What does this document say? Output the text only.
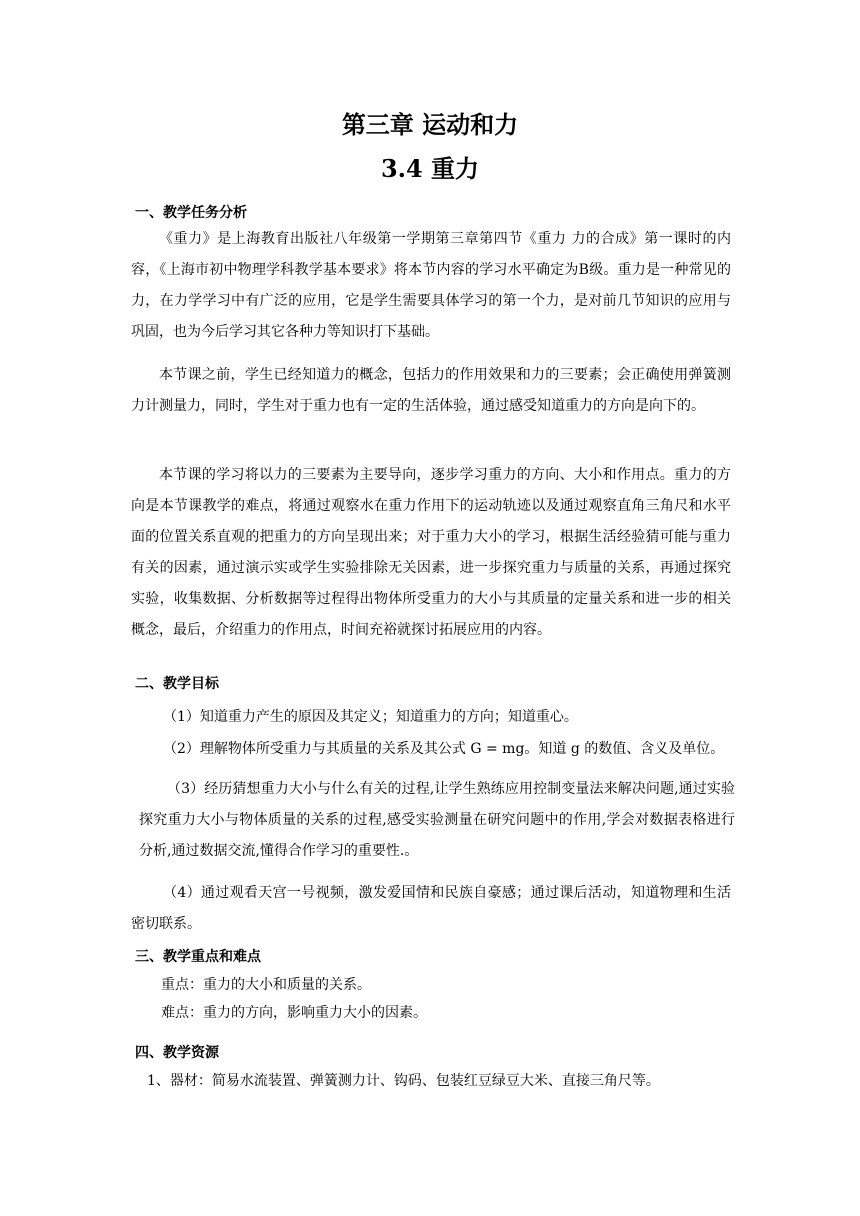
第三章 运动和力
3.4 重力
一、教学任务分析

《重力》是上海教育出版社八年级第一学期第三章第四节《重力 力的合成》第一课时的内容，《上海市初中物理学科教学基本要求》将本节内容的学习水平确定为B级。重力是一种常见的力，在力学学习中有广泛的应用，它是学生需要具体学习的第一个力，是对前几节知识的应用与巩固，也为今后学习其它各种力等知识打下基础。

本节课之前，学生已经知道力的概念，包括力的作用效果和力的三要素；会正确使用弹簧测力计测量力，同时，学生对于重力也有一定的生活体验，通过感受知道重力的方向是向下的。

本节课的学习将以力的三要素为主要导向，逐步学习重力的方向、大小和作用点。重力的方向是本节课教学的难点，将通过观察水在重力作用下的运动轨迹以及通过观察直角三角尺和水平面的位置关系直观的把重力的方向呈现出来；对于重力大小的学习，根据生活经验猜可能与重力有关的因素，通过演示实或学生实验排除无关因素，进一步探究重力与质量的关系，再通过探究实验，收集数据、分析数据等过程得出物体所受重力的大小与其质量的定量关系和进一步的相关概念，最后，介绍重力的作用点，时间充裕就探讨拓展应用的内容。

二、教学目标

（1）知道重力产生的原因及其定义；知道重力的方向；知道重心。

（2）理解物体所受重力与其质量的关系及其公式 G = mg。知道 g 的数值、含义及单位。

（3）经历猜想重力大小与什么有关的过程,让学生熟练应用控制变量法来解决问题,通过实验探究重力大小与物体质量的关系的过程,感受实验测量在研究问题中的作用,学会对数据表格进行分析,通过数据交流,懂得合作学习的重要性.。

（4）通过观看天宫一号视频，激发爱国情和民族自豪感；通过课后活动，知道物理和生活密切联系。

三、教学重点和难点

重点：重力的大小和质量的关系。

难点：重力的方向，影响重力大小的因素。

四、教学资源

1、器材：简易水流装置、弹簧测力计、钩码、包装红豆绿豆大米、直接三角尺等。
